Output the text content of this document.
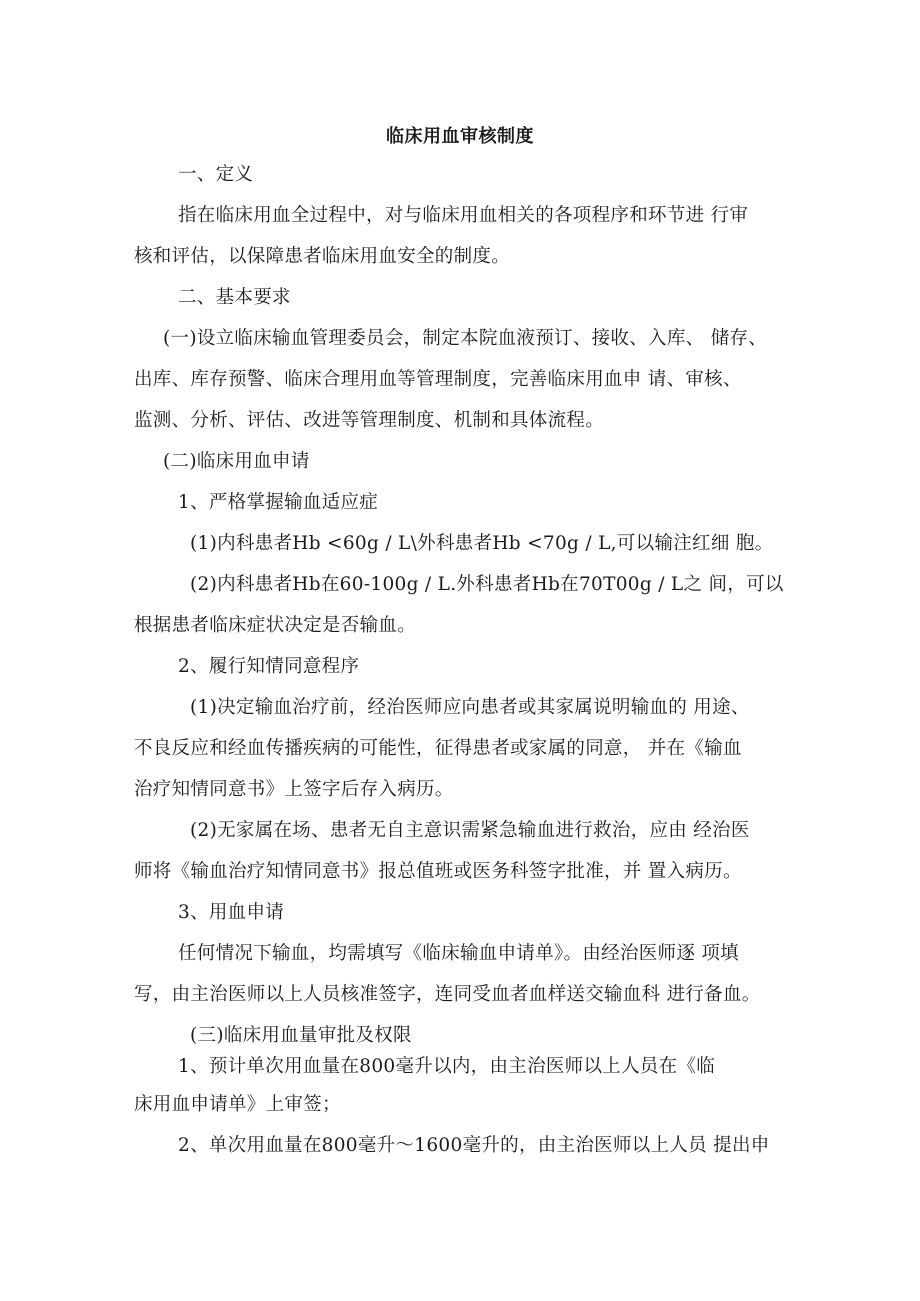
临床用血审核制度
一、定义
指在临床用血全过程中，对与临床用血相关的各项程序和环节进 行审
核和评估，以保障患者临床用血安全的制度。
二、基本要求
(一)设立临床输血管理委员会，制定本院血液预订、接收、入库、 储存、
出库、库存预警、临床合理用血等管理制度，完善临床用血申 请、审核、
监测、分析、评估、改进等管理制度、机制和具体流程。
(二)临床用血申请
1、严格掌握输血适应症
(1)内科患者Hb <60g / L\外科患者Hb <70g / L,可以输注红细 胞。
(2)内科患者Hb在60-100g / L.外科患者Hb在70T00g / L之 间，可以
根据患者临床症状决定是否输血。
2、履行知情同意程序
(1)决定输血治疗前，经治医师应向患者或其家属说明输血的 用途、
不良反应和经血传播疾病的可能性，征得患者或家属的同意， 并在《输血
治疗知情同意书》上签字后存入病历。
(2)无家属在场、患者无自主意识需紧急输血进行救治，应由 经治医
师将《输血治疗知情同意书》报总值班或医务科签字批准，并 置入病历。
3、用血申请
任何情况下输血，均需填写《临床输血申请单》。由经治医师逐 项填
写，由主治医师以上人员核准签字，连同受血者血样送交输血科 进行备血。
(三)临床用血量审批及权限
1、预计单次用血量在800毫升以内，由主治医师以上人员在《临
床用血申请单》上审签；
2、单次用血量在800毫升～1600毫升的，由主治医师以上人员 提出申
